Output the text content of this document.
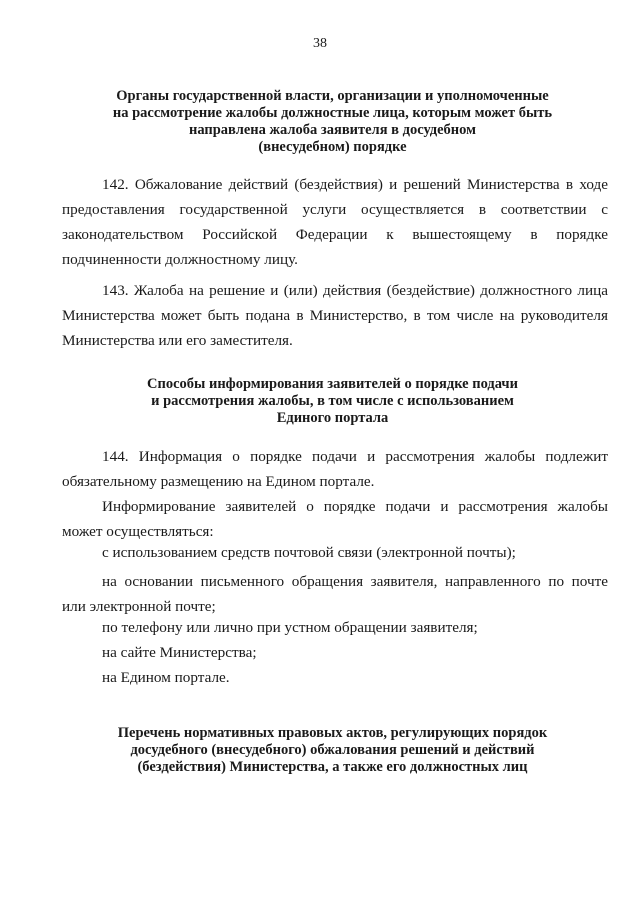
38
Органы государственной власти, организации и уполномоченные
на рассмотрение жалобы должностные лица, которым может быть
направлена жалоба заявителя в досудебном
(внесудебном) порядке
142. Обжалование действий (бездействия) и решений Министерства в ходе предоставления государственной услуги осуществляется в соответствии с законодательством Российской Федерации к вышестоящему в порядке подчиненности должностному лицу.
143. Жалоба на решение и (или) действия (бездействие) должностного лица Министерства может быть подана в Министерство, в том числе на руководителя Министерства или его заместителя.
Способы информирования заявителей о порядке подачи
и рассмотрения жалобы, в том числе с использованием
Единого портала
144. Информация о порядке подачи и рассмотрения жалобы подлежит обязательному размещению на Едином портале.
Информирование заявителей о порядке подачи и рассмотрения жалобы может осуществляться:
с использованием средств почтовой связи (электронной почты);
на основании письменного обращения заявителя, направленного по почте или электронной почте;
по телефону или лично при устном обращении заявителя;
на сайте Министерства;
на Едином портале.
Перечень нормативных правовых актов, регулирующих порядок
досудебного (внесудебного) обжалования решений и действий
(бездействия) Министерства, а также его должностных лиц
